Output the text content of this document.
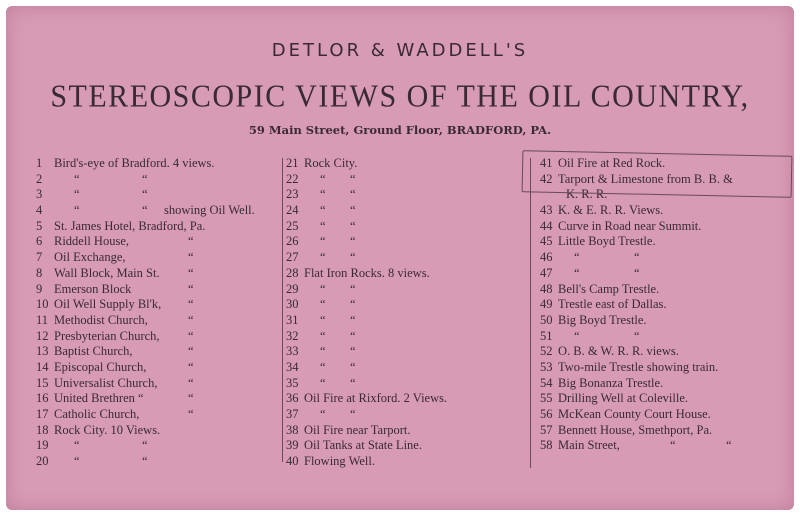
DETLOR & WADDELL'S
STEREOSCOPIC VIEWS OF THE OIL COUNTRY,
59 Main Street, Ground Floor, BRADFORD, PA.
1 Bird's-eye of Bradford. 4 views.
2	“	“
3	“	“
4	“	“ showing Oil Well.
5 St. James Hotel, Bradford, Pa.
6 Riddell House,	“
7 Oil Exchange,	“
8 Wall Block, Main St. “
9 Emerson Block	“
10 Oil Well Supply Bl'k, “
11 Methodist Church,	“
12 Presbyterian Church, “
13 Baptist Church,	“
14 Episcopal Church,	“
15 Universalist Church, “
16 United Brethren “	“
17 Catholic Church,	“
18 Rock City. 10 Views.
19 “	“
20 “	“
21 Rock City.
22 “ “
23 “ “
24 “ “
25 “ “
26 “ “
27 “ “
28 Flat Iron Rocks. 8 views.
29 “ “
30 “ “
31 “ “
32 “ “
33 “ “
34 “ “
35 “ “
36 Oil Fire at Rixford. 2 Views.
37 “ “
38 Oil Fire near Tarport.
39 Oil Tanks at State Line.
40 Flowing Well.
41 Oil Fire at Red Rock.
42 Tarport & Limestone from B. B. &
K. R. R.
43 K. & E. R. R. Views.
44 Curve in Road near Summit.
45 Little Boyd Trestle.
46 “	“
47 “	“
48 Bell's Camp Trestle.
49 Trestle east of Dallas.
50 Big Boyd Trestle.
51 “	“
52 O. B. & W. R. R. views.
53 Two-mile Trestle showing train.
54 Big Bonanza Trestle.
55 Drilling Well at Coleville.
56 McKean County Court House.
57 Bennett House, Smethport, Pa.
58 Main Street,	“	“
